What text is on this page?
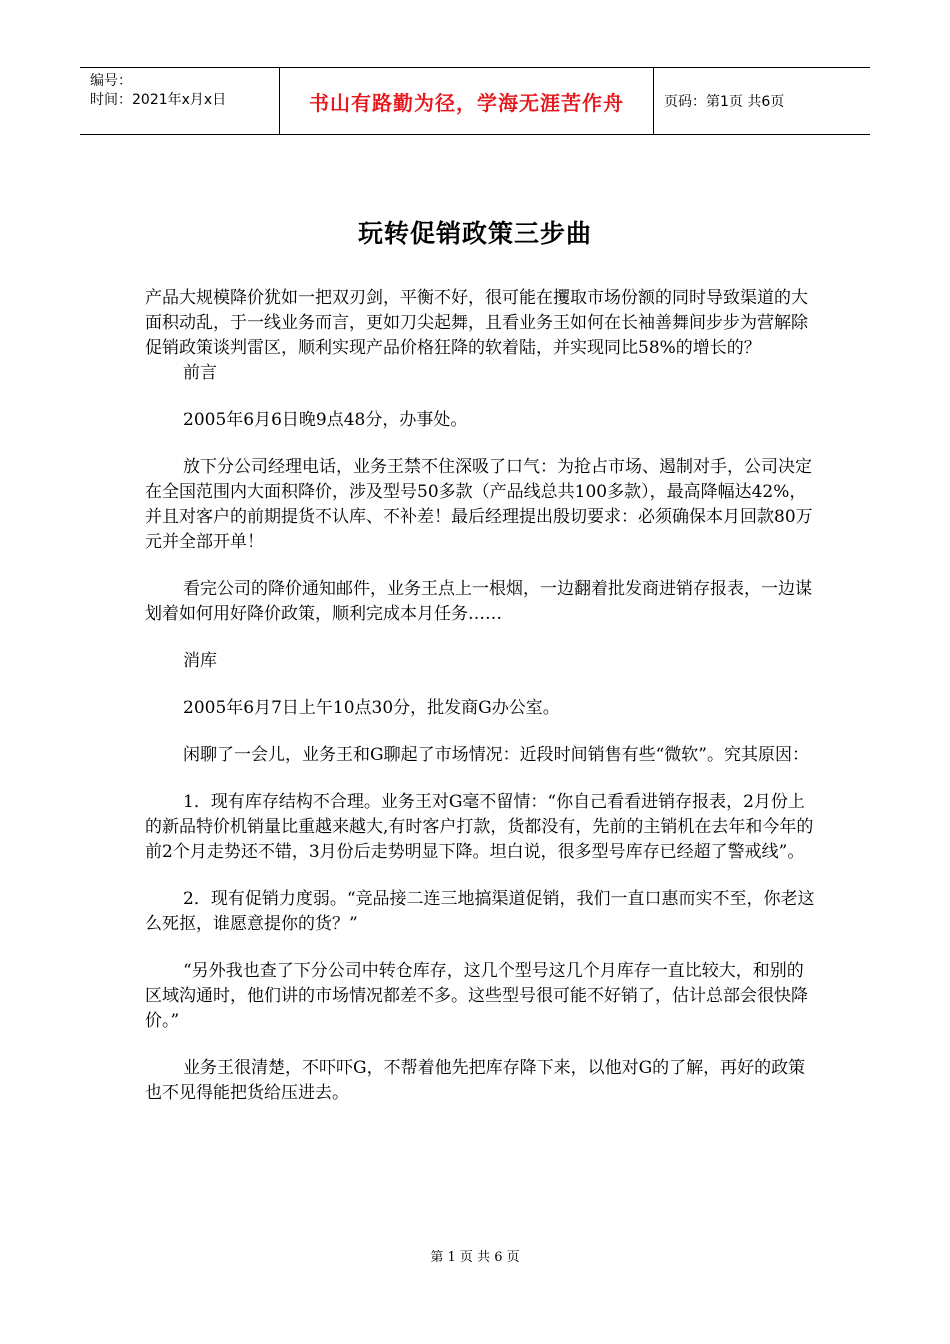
编号：
时间：2021年x月x日	书山有路勤为径，学海无涯苦作舟	页码：第1页 共6页
玩转促销政策三步曲

产品大规模降价犹如一把双刃剑，平衡不好，很可能在攫取市场份额的同时导致渠道的大面积动乱，于一线业务而言，更如刀尖起舞，且看业务王如何在长袖善舞间步步为营解除促销政策谈判雷区，顺利实现产品价格狂降的软着陆，并实现同比58%的增长的？

前言

2005年6月6日晚9点48分，办事处。

放下分公司经理电话，业务王禁不住深吸了口气：为抢占市场、遏制对手，公司决定在全国范围内大面积降价，涉及型号50多款（产品线总共100多款），最高降幅达42%，并且对客户的前期提货不认库、不补差！最后经理提出殷切要求：必须确保本月回款80万元并全部开单！

看完公司的降价通知邮件，业务王点上一根烟，一边翻着批发商进销存报表，一边谋划着如何用好降价政策，顺利完成本月任务……

消库

2005年6月7日上午10点30分，批发商G办公室。

闲聊了一会儿，业务王和G聊起了市场情况：近段时间销售有些“微软”。究其原因：

1．现有库存结构不合理。业务王对G毫不留情：“你自己看看进销存报表，2月份上的新品特价机销量比重越来越大,有时客户打款，货都没有，先前的主销机在去年和今年的前2个月走势还不错，3月份后走势明显下降。坦白说，很多型号库存已经超了警戒线”。

2．现有促销力度弱。“竞品接二连三地搞渠道促销，我们一直口惠而实不至，你老这么死抠，谁愿意提你的货？”

“另外我也查了下分公司中转仓库存，这几个型号这几个月库存一直比较大，和别的区域沟通时，他们讲的市场情况都差不多。这些型号很可能不好销了，估计总部会很快降价。”

业务王很清楚，不吓吓G，不帮着他先把库存降下来，以他对G的了解，再好的政策也不见得能把货给压进去。

第 1 页 共 6 页
